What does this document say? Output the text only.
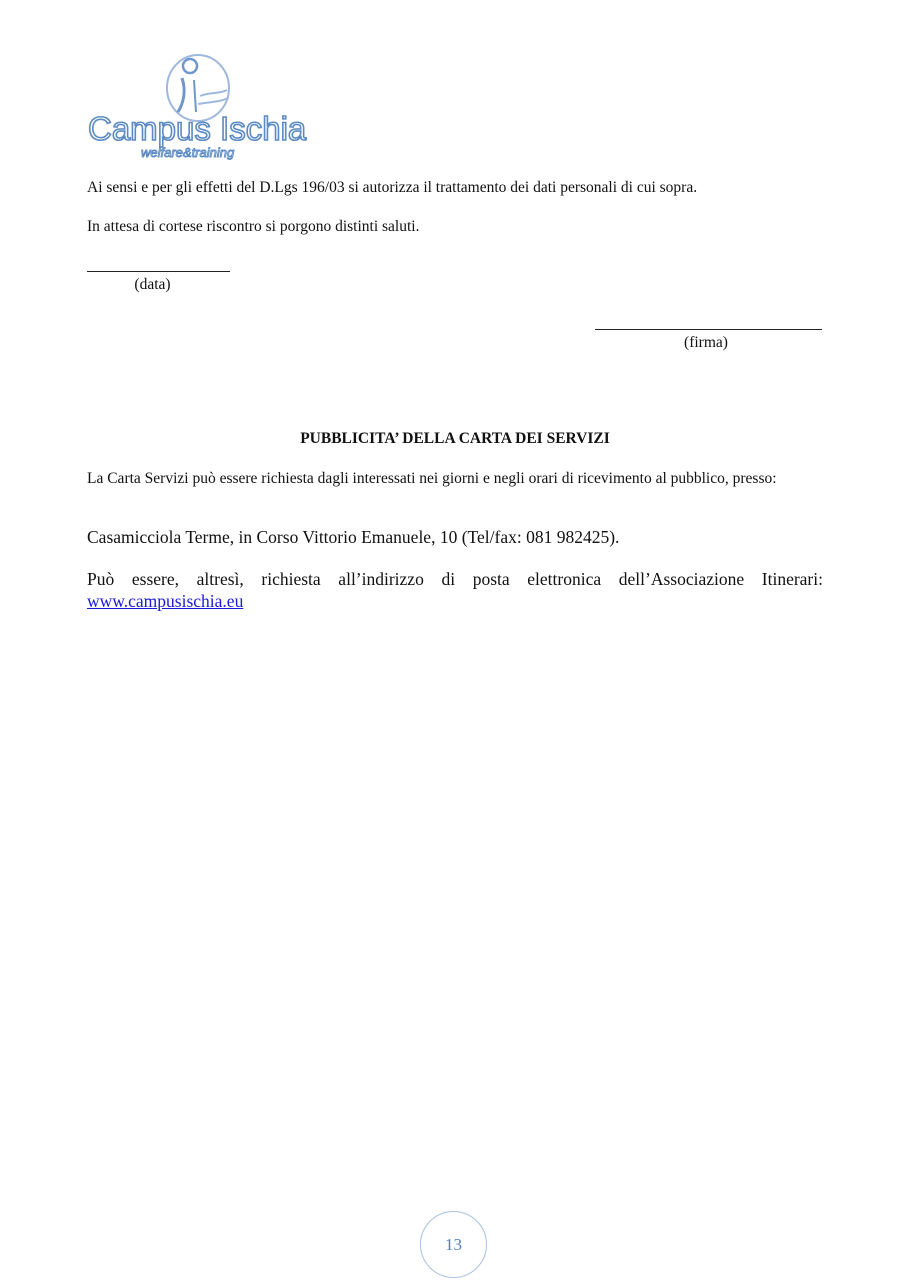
Campus Ischia
welfare&training
Ai sensi e per gli effetti del D.Lgs 196/03 si autorizza il trattamento dei dati personali di cui sopra.
In attesa di cortese riscontro si porgono distinti saluti.
(data)
(firma)
PUBBLICITA’ DELLA CARTA DEI SERVIZI
La Carta Servizi può essere richiesta dagli interessati nei giorni e negli orari di ricevimento al pubblico, presso:
Casamicciola Terme, in Corso Vittorio Emanuele, 10 (Tel/fax: 081 982425).
Può essere, altresì, richiesta all’indirizzo di posta elettronica dell’Associazione Itinerari:
www.campusischia.eu
13
